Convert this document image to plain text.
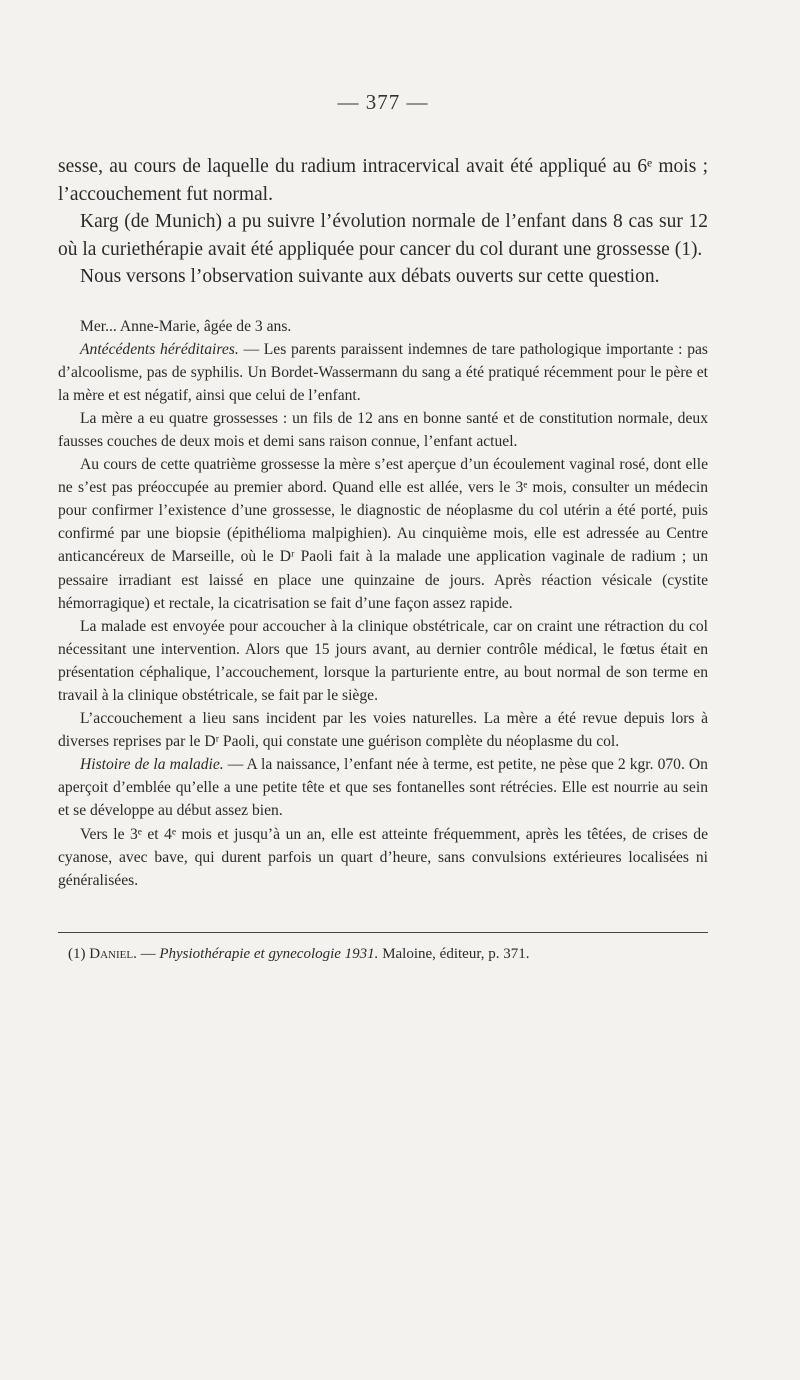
— 377 —

sesse, au cours de laquelle du radium intracervical avait été appliqué au 6ᵉ mois ; l’accouchement fut normal.

Karg (de Munich) a pu suivre l’évolution normale de l’enfant dans 8 cas sur 12 où la curiethérapie avait été appliquée pour cancer du col durant une grossesse (1).

Nous versons l’observation suivante aux débats ouverts sur cette question.

Mer... Anne-Marie, âgée de 3 ans.

Antécédents héréditaires. — Les parents paraissent indemnes de tare pathologique importante : pas d’alcoolisme, pas de syphilis. Un Bordet-Wassermann du sang a été pratiqué récemment pour le père et la mère et est négatif, ainsi que celui de l’enfant.

La mère a eu quatre grossesses : un fils de 12 ans en bonne santé et de constitution normale, deux fausses couches de deux mois et demi sans raison connue, l’enfant actuel.

Au cours de cette quatrième grossesse la mère s’est aperçue d’un écoulement vaginal rosé, dont elle ne s’est pas préoccupée au premier abord. Quand elle est allée, vers le 3ᵉ mois, consulter un médecin pour confirmer l’existence d’une grossesse, le diagnostic de néoplasme du col utérin a été porté, puis confirmé par une biopsie (épithélioma malpighien). Au cinquième mois, elle est adressée au Centre anticancéreux de Marseille, où le Dʳ Paoli fait à la malade une application vaginale de radium ; un pessaire irradiant est laissé en place une quinzaine de jours. Après réaction vésicale (cystite hémorragique) et rectale, la cicatrisation se fait d’une façon assez rapide.

La malade est envoyée pour accoucher à la clinique obstétricale, car on craint une rétraction du col nécessitant une intervention. Alors que 15 jours avant, au dernier contrôle médical, le fœtus était en présentation céphalique, l’accouchement, lorsque la parturiente entre, au bout normal de son terme en travail à la clinique obstétricale, se fait par le siège.

L’accouchement a lieu sans incident par les voies naturelles. La mère a été revue depuis lors à diverses reprises par le Dʳ Paoli, qui constate une guérison complète du néoplasme du col.

Histoire de la maladie. — A la naissance, l’enfant née à terme, est petite, ne pèse que 2 kgr. 070. On aperçoit d’emblée qu’elle a une petite tête et que ses fontanelles sont rétrécies. Elle est nourrie au sein et se développe au début assez bien.

Vers le 3ᵉ et 4ᵉ mois et jusqu’à un an, elle est atteinte fréquemment, après les têtées, de crises de cyanose, avec bave, qui durent parfois un quart d’heure, sans convulsions extérieures localisées ni généralisées.

(1) Daniel. — Physiothérapie et gynecologie 1931. Maloine, éditeur, p. 371.
